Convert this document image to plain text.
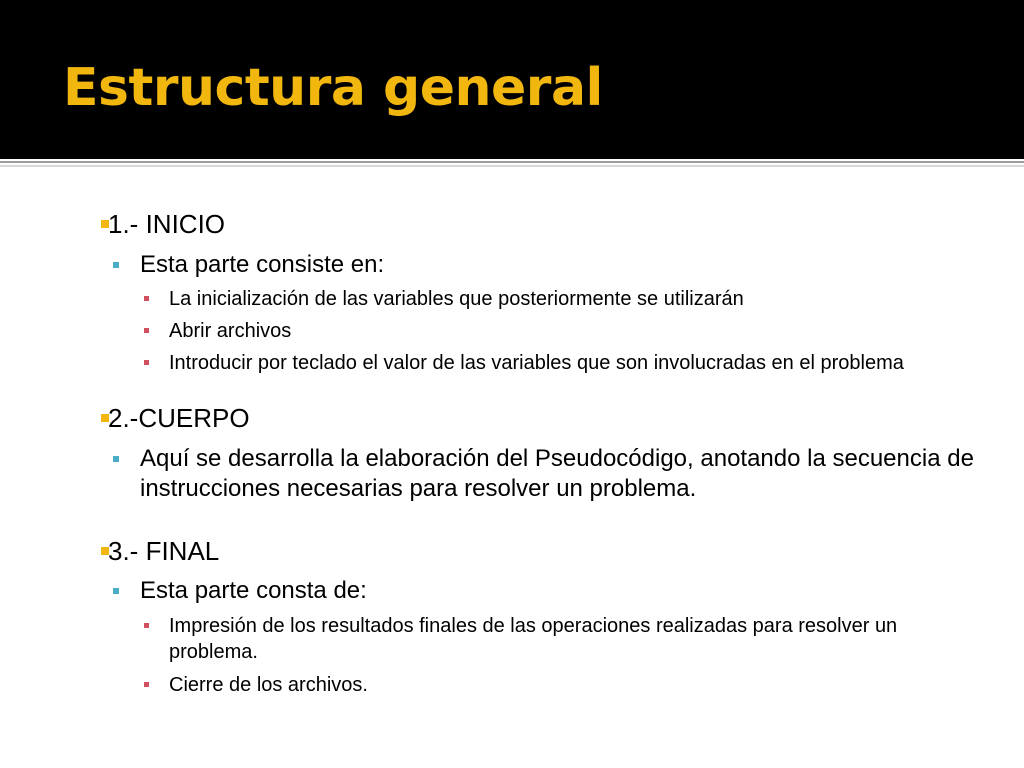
Estructura general
1.- INICIO
Esta parte consiste en:
La inicialización de las variables que posteriormente se utilizarán
Abrir archivos
Introducir por teclado el valor de las variables que son involucradas en el problema
2.-CUERPO
Aquí se desarrolla la elaboración del Pseudocódigo, anotando la secuencia de instrucciones necesarias para resolver un problema.
3.- FINAL
Esta parte consta de:
Impresión de los resultados finales de las operaciones realizadas para resolver un problema.
Cierre de los archivos.
